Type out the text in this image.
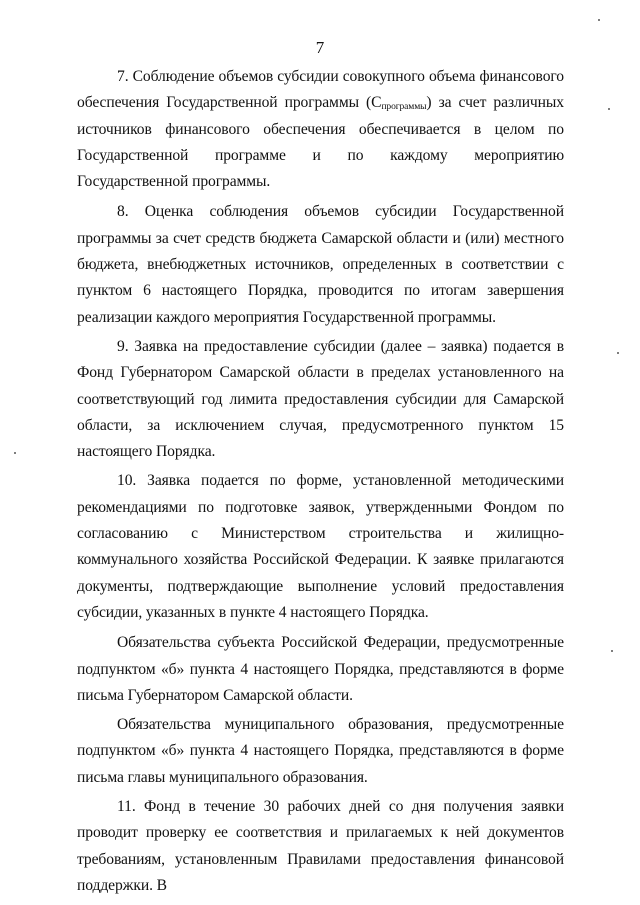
7

7. Соблюдение объемов субсидии совокупного объема финансового обеспечения Государственной программы $(С_{программы})$ за счет различных источников финансового обеспечения обеспечивается в целом по Государственной программе и по каждому мероприятию Государственной программы.

8. Оценка соблюдения объемов субсидии Государственной программы за счет средств бюджета Самарской области и (или) местного бюджета, внебюджетных источников, определенных в соответствии с пунктом 6 настоящего Порядка, проводится по итогам завершения реализации каждого мероприятия Государственной программы.

9. Заявка на предоставление субсидии (далее – заявка) подается в Фонд Губернатором Самарской области в пределах установленного на соответствующий год лимита предоставления субсидии для Самарской области, за исключением случая, предусмотренного пунктом 15 настоящего Порядка.

10. Заявка подается по форме, установленной методическими рекомендациями по подготовке заявок, утвержденными Фондом по согласованию с Министерством строительства и жилищно-коммунального хозяйства Российской Федерации. К заявке прилагаются документы, подтверждающие выполнение условий предоставления субсидии, указанных в пункте 4 настоящего Порядка.

Обязательства субъекта Российской Федерации, предусмотренные подпунктом «б» пункта 4 настоящего Порядка, представляются в форме письма Губернатором Самарской области.

Обязательства муниципального образования, предусмотренные подпунктом «б» пункта 4 настоящего Порядка, представляются в форме письма главы муниципального образования.

11. Фонд в течение 30 рабочих дней со дня получения заявки проводит проверку ее соответствия и прилагаемых к ней документов требованиям, установленным Правилами предоставления финансовой поддержки. В
